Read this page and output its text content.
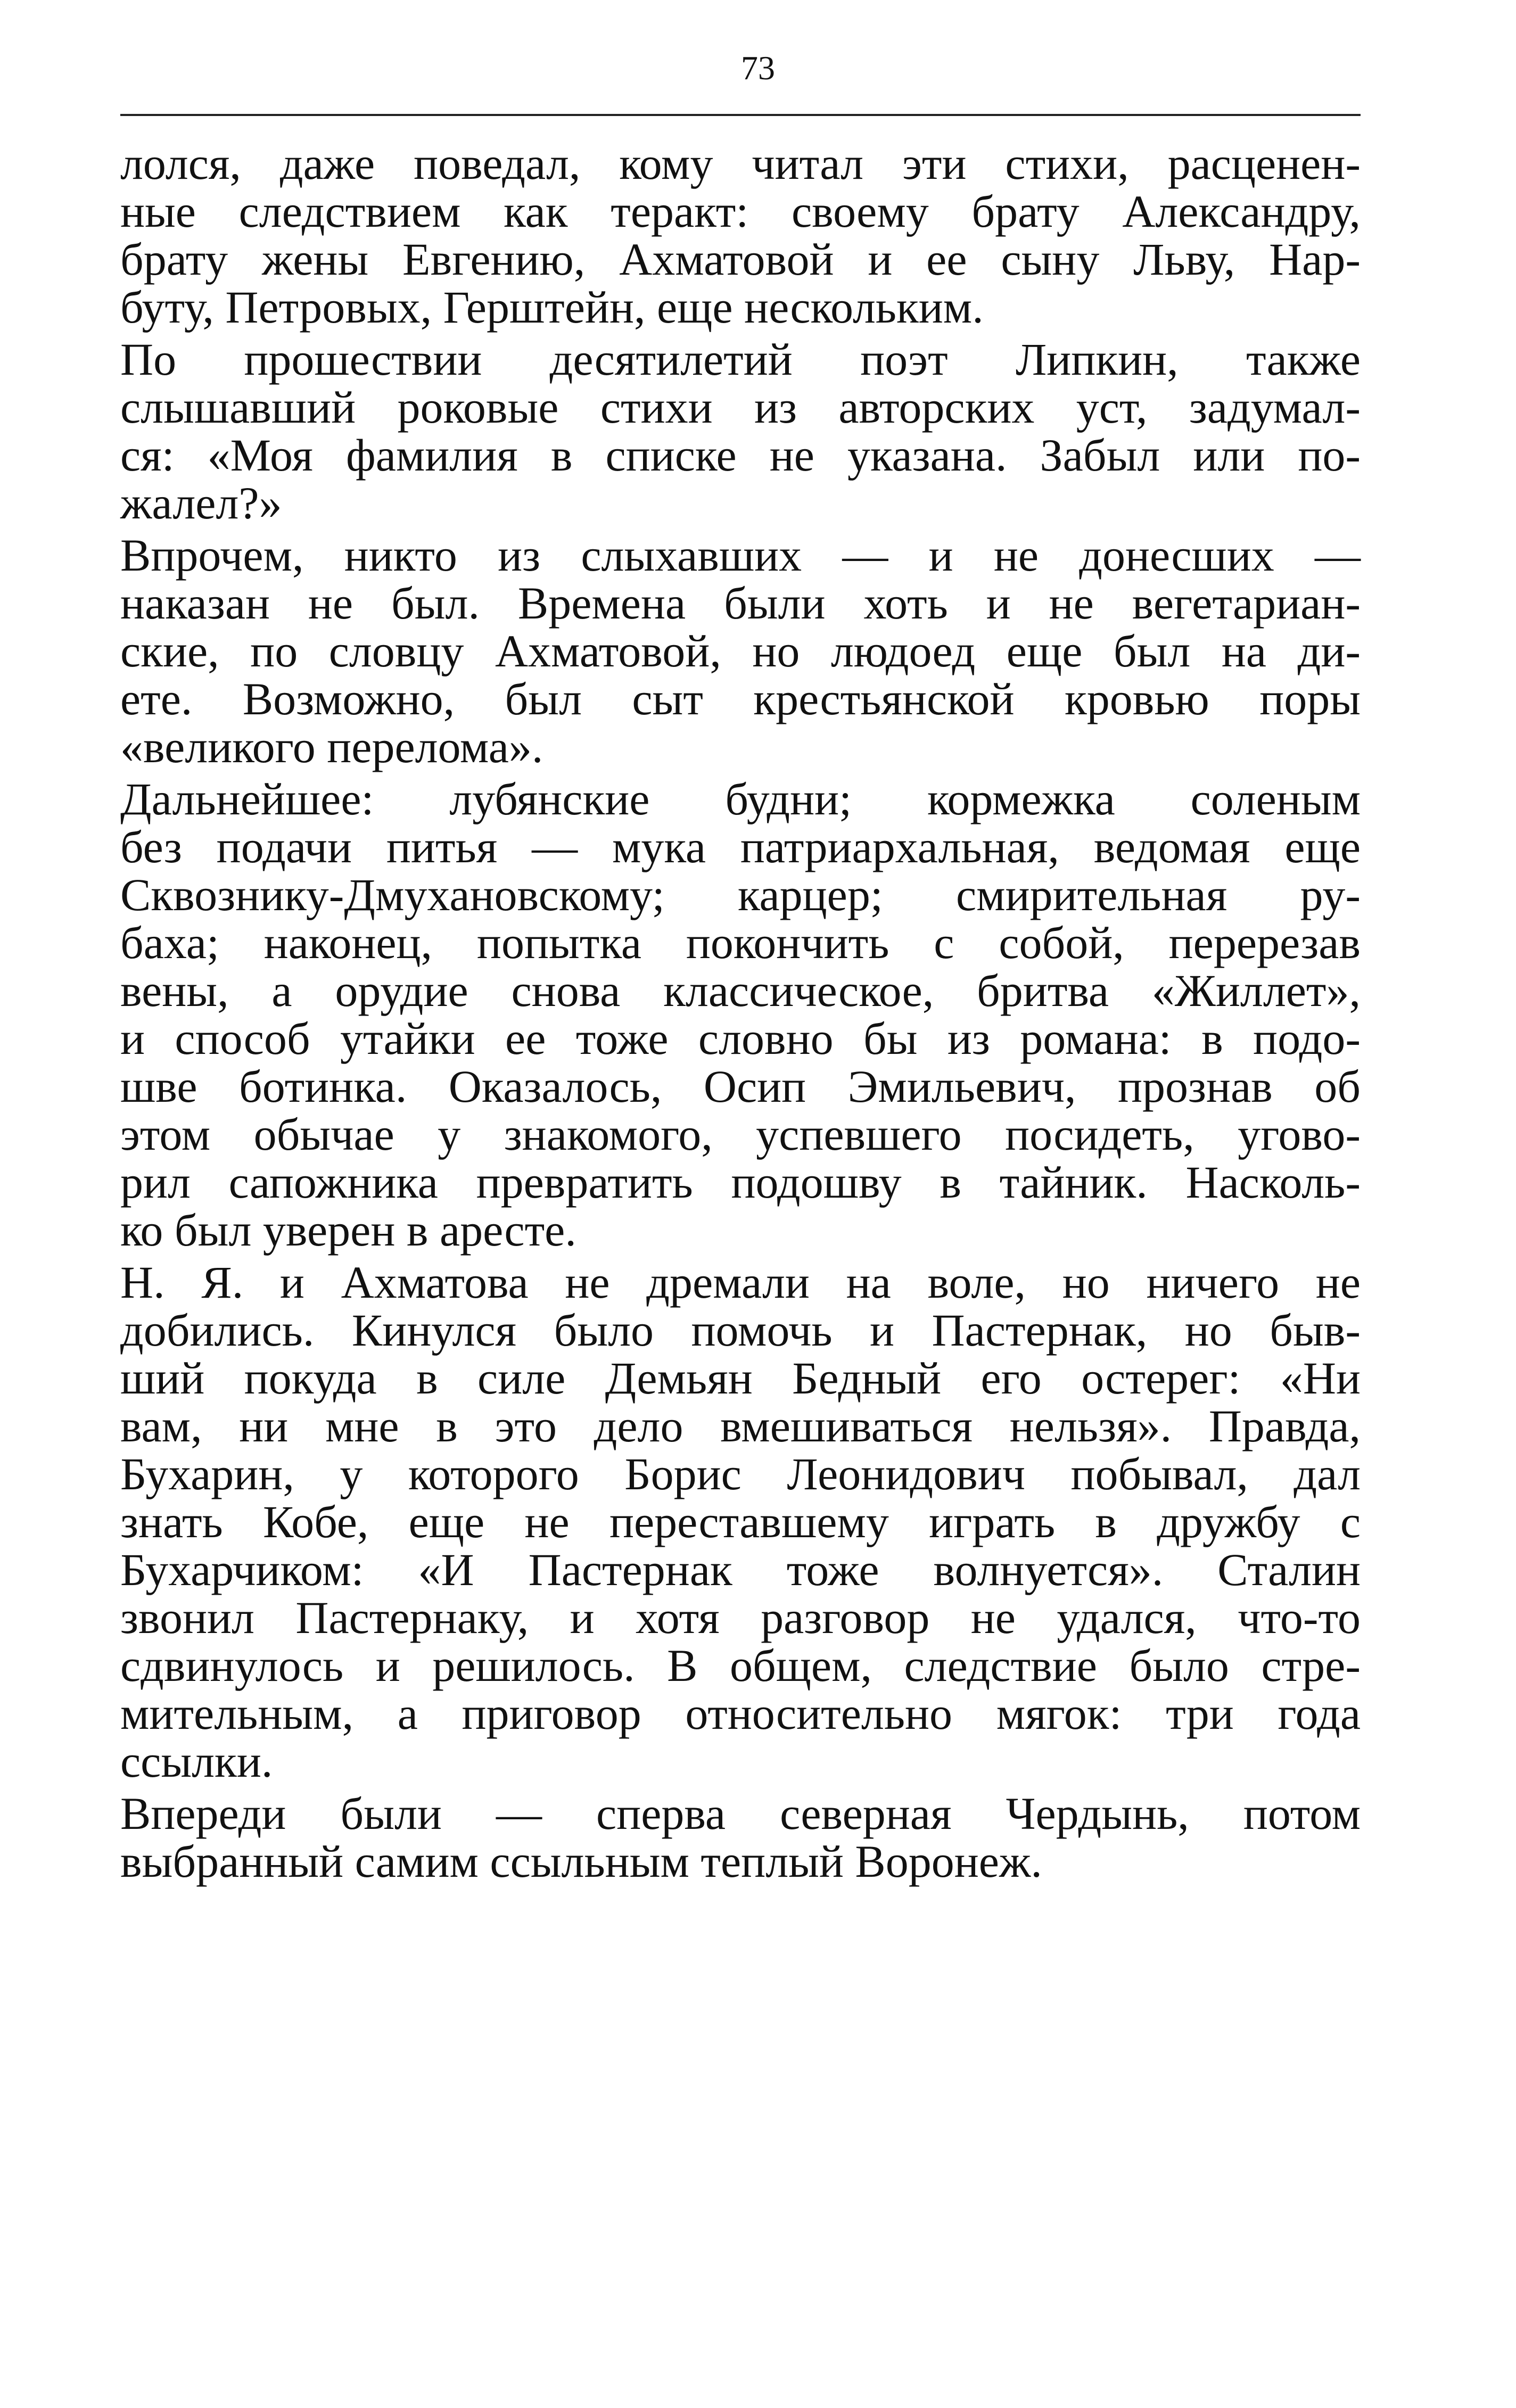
73

лолся, даже поведал, кому читал эти стихи, расценен-
ные следствием как теракт: своему брату Александру,
брату жены Евгению, Ахматовой и ее сыну Льву, Нар-
буту, Петровых, Герштейн, еще нескольким.

По прошествии десятилетий поэт Липкин, также
слышавший роковые стихи из авторских уст, задумал-
ся: «Моя фамилия в списке не указана. Забыл или по-
жалел?»

Впрочем, никто из слыхавших — и не донесших —
наказан не был. Времена были хоть и не вегетариан-
ские, по словцу Ахматовой, но людоед еще был на ди-
ете. Возможно, был сыт крестьянской кровью поры
«великого перелома».

Дальнейшее: лубянские будни; кормежка соленым
без подачи питья — мука патриархальная, ведомая еще
Сквознику-Дмухановскому; карцер; смирительная ру-
баха; наконец, попытка покончить с собой, перерезав
вены, а орудие снова классическое, бритва «Жиллет»,
и способ утайки ее тоже словно бы из романа: в подо-
шве ботинка. Оказалось, Осип Эмильевич, прознав об
этом обычае у знакомого, успевшего посидеть, угово-
рил сапожника превратить подошву в тайник. Насколь-
ко был уверен в аресте.

Н. Я. и Ахматова не дремали на воле, но ничего не
добились. Кинулся было помочь и Пастернак, но быв-
ший покуда в силе Демьян Бедный его остерег: «Ни
вам, ни мне в это дело вмешиваться нельзя». Правда,
Бухарин, у которого Борис Леонидович побывал, дал
знать Кобе, еще не переставшему играть в дружбу с
Бухарчиком: «И Пастернак тоже волнуется». Сталин
звонил Пастернаку, и хотя разговор не удался, что-то
сдвинулось и решилось. В общем, следствие было стре-
мительным, а приговор относительно мягок: три года
ссылки.

Впереди были — сперва северная Чердынь, потом
выбранный самим ссыльным теплый Воронеж.
